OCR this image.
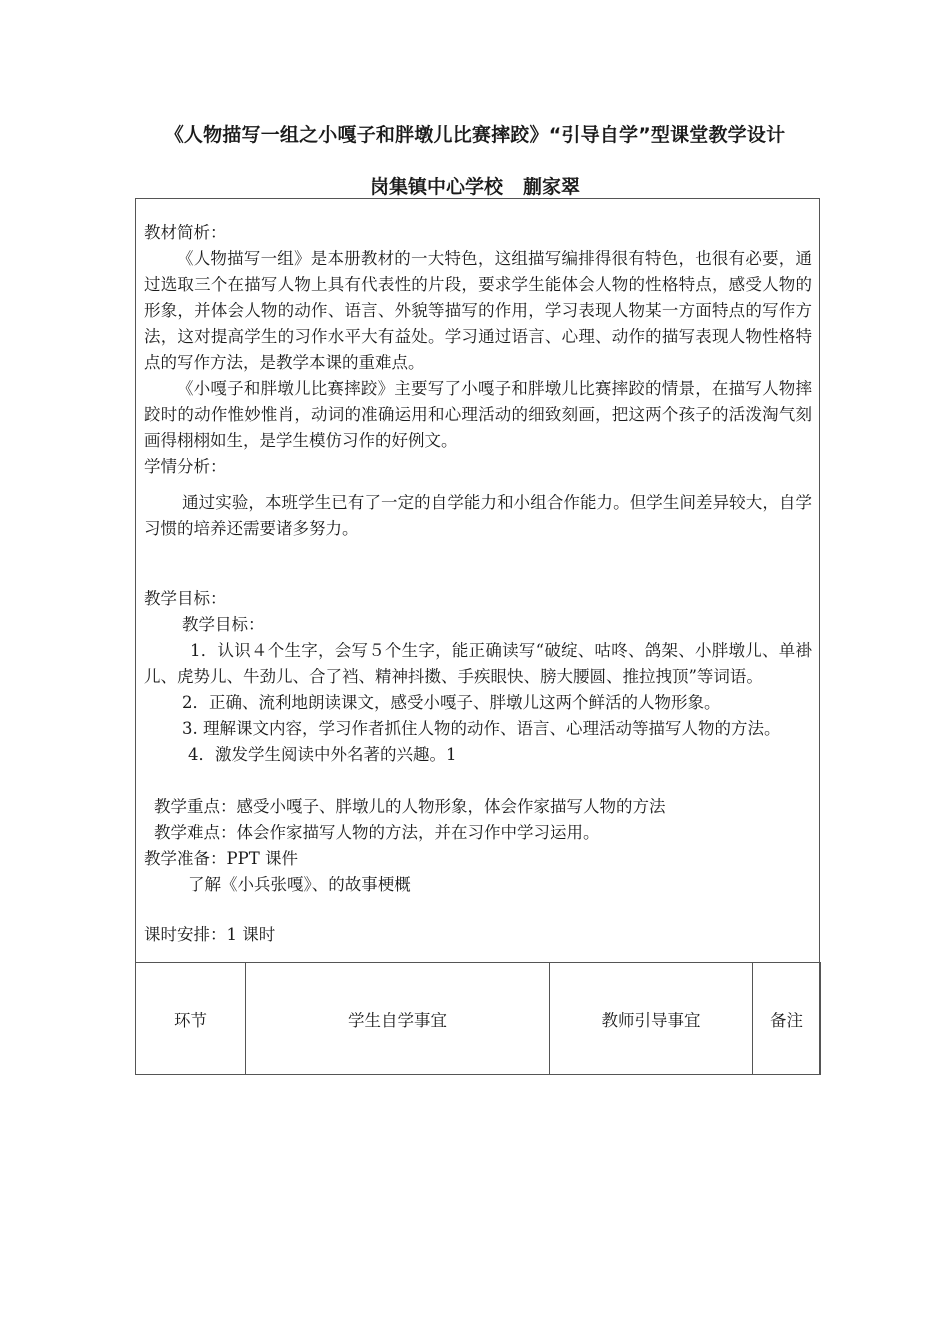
《人物描写一组之小嘎子和胖墩儿比赛摔跤》“引导自学”型课堂教学设计
岗集镇中心学校 蒯家翠

教材简析：

《人物描写一组》是本册教材的一大特色，这组描写编排得很有特色，也很有必要，通过选取三个在描写人物上具有代表性的片段，要求学生能体会人物的性格特点，感受人物的形象，并体会人物的动作、语言、外貌等描写的作用，学习表现人物某一方面特点的写作方法，这对提高学生的习作水平大有益处。学习通过语言、心理、动作的描写表现人物性格特点的写作方法，是教学本课的重难点。

《小嘎子和胖墩儿比赛摔跤》主要写了小嘎子和胖墩儿比赛摔跤的情景，在描写人物摔跤时的动作惟妙惟肖，动词的准确运用和心理活动的细致刻画，把这两个孩子的活泼淘气刻画得栩栩如生，是学生模仿习作的好例文。

学情分析：

通过实验，本班学生已有了一定的自学能力和小组合作能力。但学生间差异较大，自学习惯的培养还需要诸多努力。

教学目标：

教学目标：

1．认识４个生字，会写５个生字，能正确读写“破绽、咕咚、鸽架、小胖墩儿、单褂儿、虎势儿、牛劲儿、合了裆、精神抖擞、手疾眼快、膀大腰圆、推拉拽顶”等词语。

2．正确、流利地朗读课文，感受小嘎子、胖墩儿这两个鲜活的人物形象。

3. 理解课文内容，学习作者抓住人物的动作、语言、心理活动等描写人物的方法。

4．激发学生阅读中外名著的兴趣。1

教学重点：感受小嘎子、胖墩儿的人物形象，体会作家描写人物的方法

教学难点：体会作家描写人物的方法，并在习作中学习运用。

教学准备：PPT 课件

了解《小兵张嘎》、的故事梗概

课时安排：1 课时

环节	学生自学事宜	教师引导事宜	备注
